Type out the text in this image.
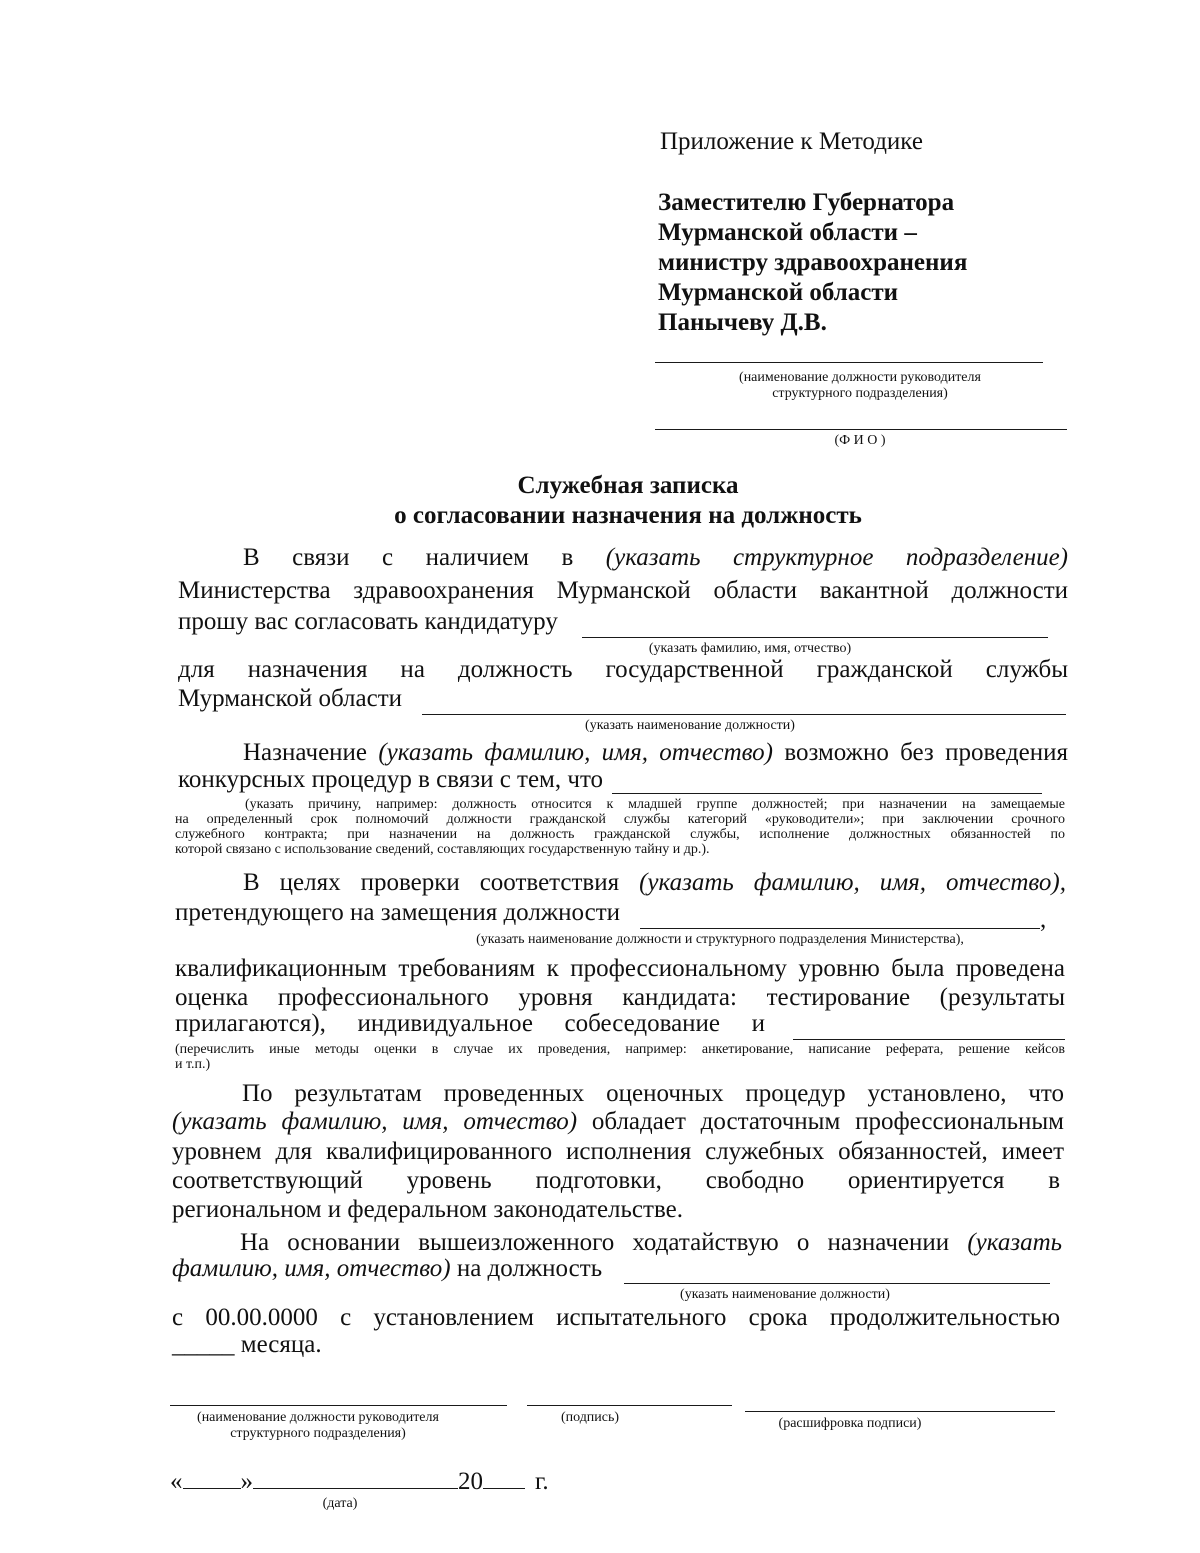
Приложение к Методике
Заместителю Губернатора
Мурманской области –
министру здравоохранения
Мурманской области
Панычеву Д.В.
(наименование должности руководителя
структурного подразделения)
(Ф И О )
Служебная записка
о согласовании назначения на должность
В связи с наличием в (указать структурное подразделение)
Министерства здравоохранения Мурманской области вакантной должности
прошу вас согласовать кандидатуру
(указать фамилию, имя, отчество)
для назначения на должность государственной гражданской службы
Мурманской области
(указать наименование должности)
Назначение (указать фамилию, имя, отчество) возможно без проведения
конкурсных процедур в связи с тем, что
(указать причину, например: должность относится к младшей группе должностей; при назначении на замещаемые
на определенный срок полномочий должности гражданской службы категорий «руководители»; при заключении срочного
служебного контракта; при назначении на должность гражданской службы, исполнение должностных обязанностей по
которой связано с использование сведений, составляющих государственную тайну и др.).
В целях проверки соответствия (указать фамилию, имя, отчество),
претендующего на замещения должности	,
(указать наименование должности и структурного подразделения Министерства),
квалификационным требованиям к профессиональному уровню была проведена
оценка профессионального уровня кандидата: тестирование (результаты
прилагаются), индивидуальное собеседование и
(перечислить иные методы оценки в случае их проведения, например: анкетирование, написание реферата, решение кейсов
и т.п.)
По результатам проведенных оценочных процедур установлено, что
(указать фамилию, имя, отчество) обладает достаточным профессиональным
уровнем для квалифицированного исполнения служебных обязанностей, имеет
соответствующий уровень подготовки, свободно ориентируется в
региональном и федеральном законодательстве.
На основании вышеизложенного ходатайствую о назначении (указать
фамилию, имя, отчество) на должность
(указать наименование должности)
с 00.00.0000 с установлением испытательного срока продолжительностью
_____ месяца.
(наименование должности руководителя
структурного подразделения)
(подпись)	(расшифровка подписи)
« »	20 г.
(дата)
